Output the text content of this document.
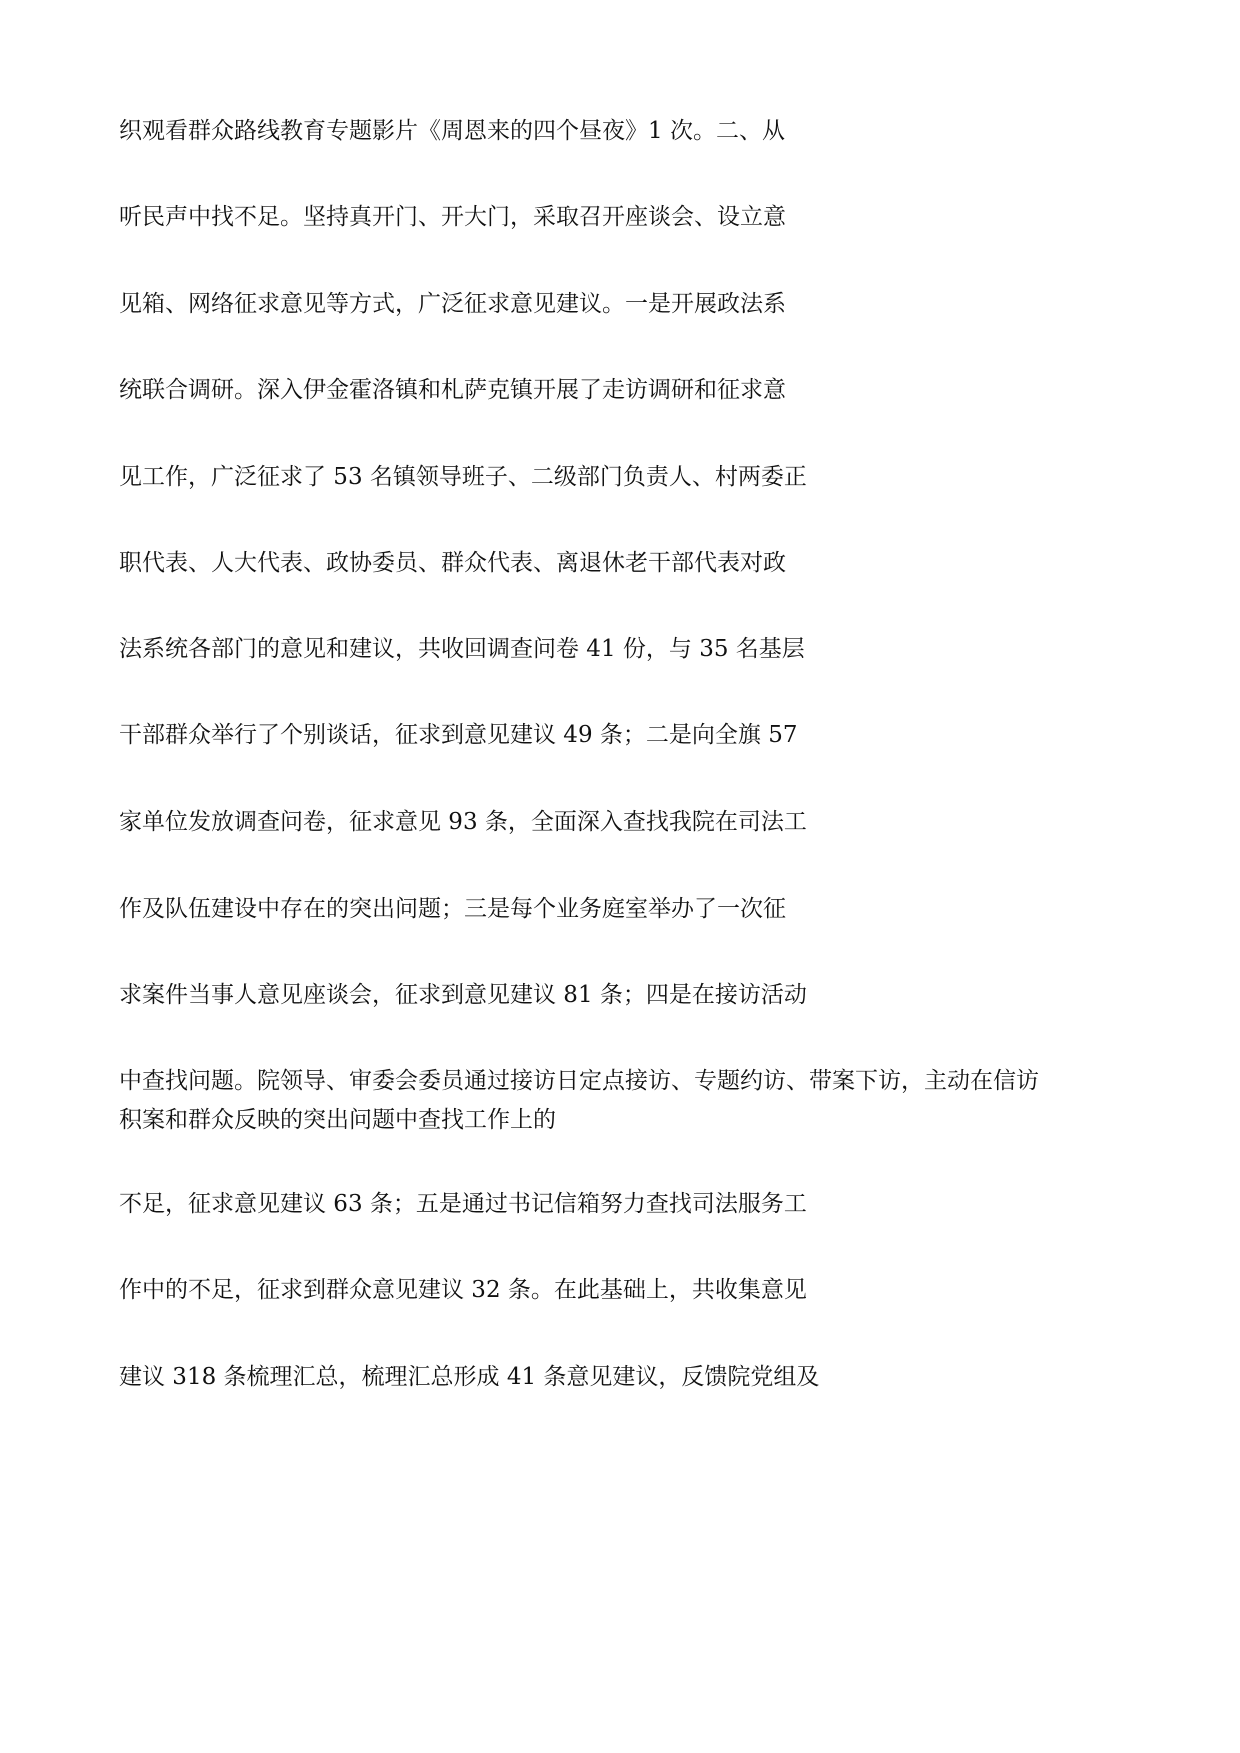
织观看群众路线教育专题影片《周恩来的四个昼夜》1 次。二、从
听民声中找不足。坚持真开门、开大门，采取召开座谈会、设立意
见箱、网络征求意见等方式，广泛征求意见建议。一是开展政法系
统联合调研。深入伊金霍洛镇和札萨克镇开展了走访调研和征求意
见工作，广泛征求了 53 名镇领导班子、二级部门负责人、村两委正
职代表、人大代表、政协委员、群众代表、离退休老干部代表对政
法系统各部门的意见和建议，共收回调查问卷 41 份，与 35 名基层
干部群众举行了个别谈话，征求到意见建议 49 条；二是向全旗 57
家单位发放调查问卷，征求意见 93 条，全面深入查找我院在司法工
作及队伍建设中存在的突出问题；三是每个业务庭室举办了一次征
求案件当事人意见座谈会，征求到意见建议 81 条；四是在接访活动
中查找问题。院领导、审委会委员通过接访日定点接访、专题约访、带案下访，主动在信访
积案和群众反映的突出问题中查找工作上的
不足，征求意见建议 63 条；五是通过书记信箱努力查找司法服务工
作中的不足，征求到群众意见建议 32 条。在此基础上，共收集意见
建议 318 条梳理汇总，梳理汇总形成 41 条意见建议，反馈院党组及
